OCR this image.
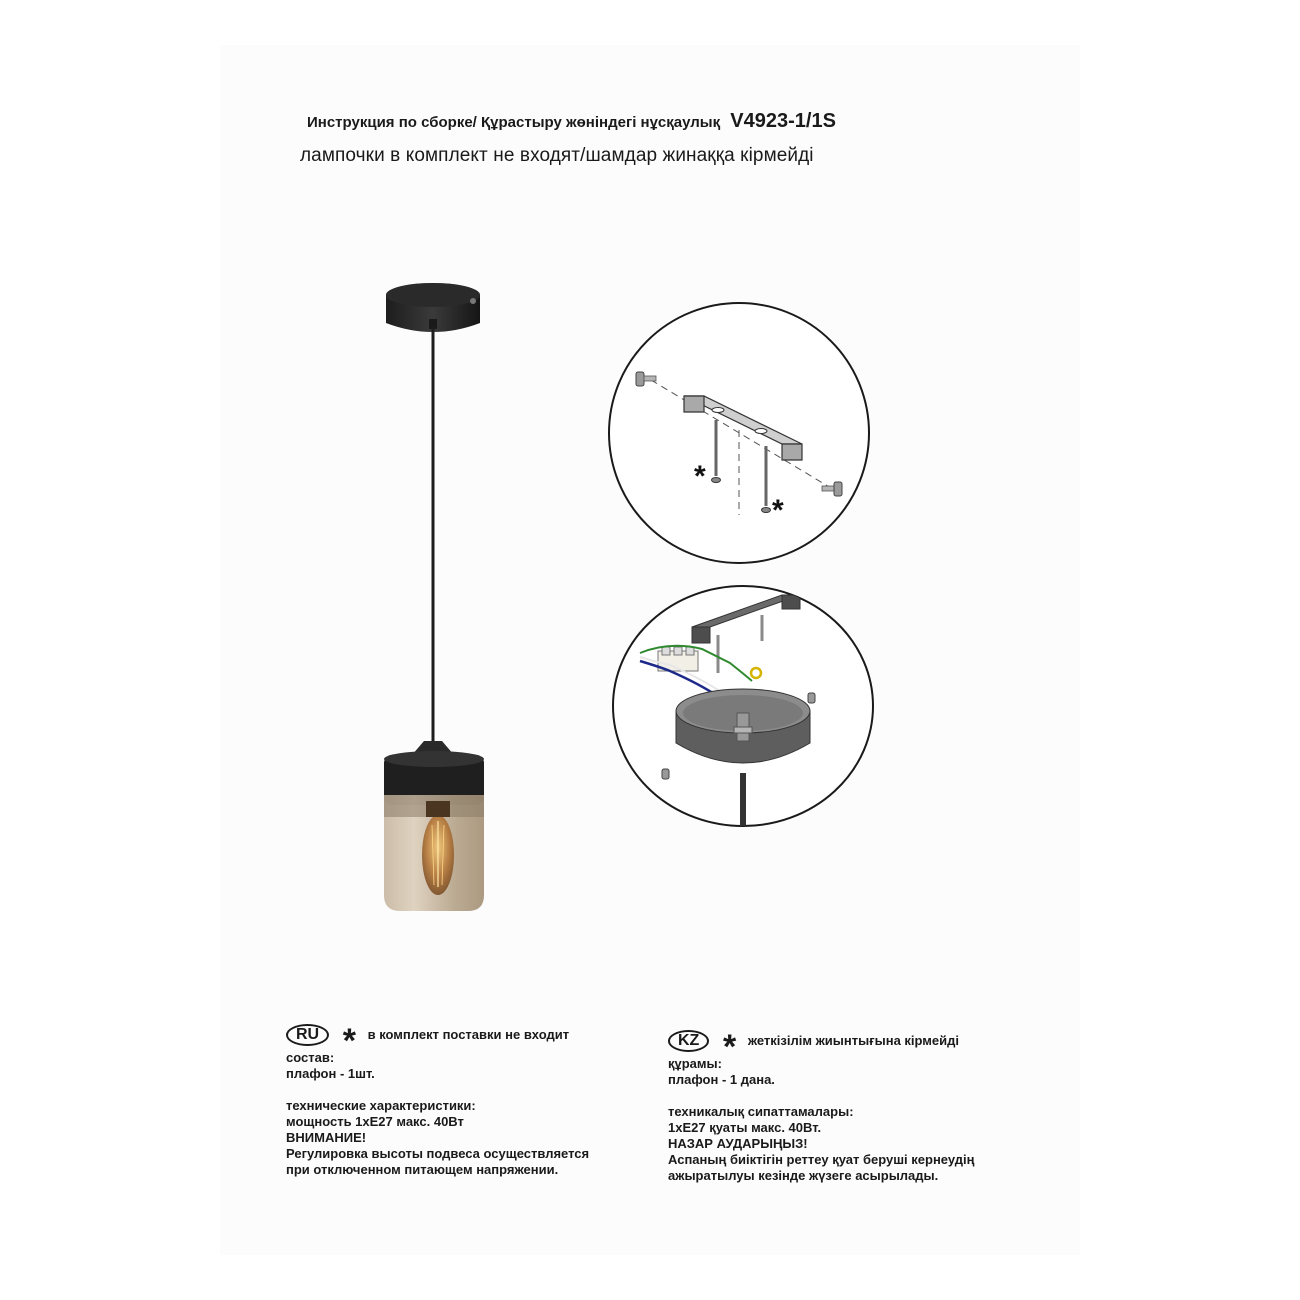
Инструкция по сборке/ Құрастыру жөніндегі нұсқаулық V4923-1/1S
лампочки в комплект не входят/шамдар жинаққа кірмейді
*
*
RU * в комплект поставки не входит
состав:
плафон - 1шт.
технические характеристики:
мощность 1хЕ27 макс. 40Вт
ВНИМАНИЕ!
Регулировка высоты подвеса осуществляется
при отключенном питающем напряжении.
KZ * жеткізілім жиынтығына кірмейді
құрамы:
плафон - 1 дана.
техникалық сипаттамалары:
1хЕ27 қуаты макс. 40Вт.
НАЗАР АУДАРЫҢЫЗ!
Аспаның биіктігін реттеу қуат беруші кернеудің
ажыратылуы кезінде жүзеге асырылады.
